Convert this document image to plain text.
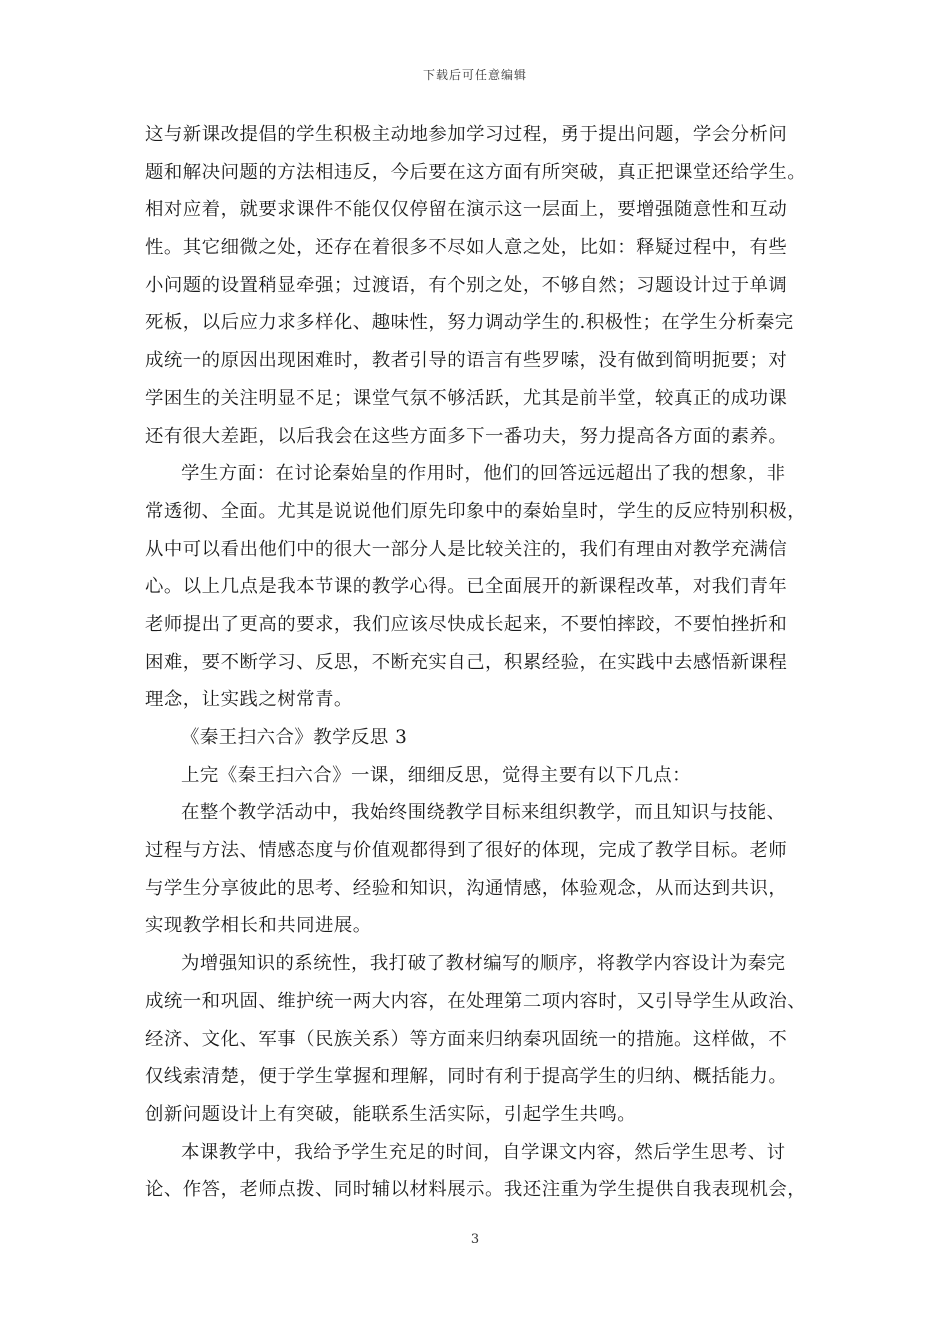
下载后可任意编辑
这与新课改提倡的学生积极主动地参加学习过程，勇于提出问题，学会分析问
题和解决问题的方法相违反，今后要在这方面有所突破，真正把课堂还给学生。
相对应着，就要求课件不能仅仅停留在演示这一层面上，要增强随意性和互动
性。其它细微之处，还存在着很多不尽如人意之处，比如：释疑过程中，有些
小问题的设置稍显牵强；过渡语，有个别之处，不够自然；习题设计过于单调
死板，以后应力求多样化、趣味性，努力调动学生的.积极性；在学生分析秦完
成统一的原因出现困难时，教者引导的语言有些罗嗦，没有做到简明扼要；对
学困生的关注明显不足；课堂气氛不够活跃，尤其是前半堂，较真正的成功课
还有很大差距，以后我会在这些方面多下一番功夫，努力提高各方面的素养。
学生方面：在讨论秦始皇的作用时，他们的回答远远超出了我的想象，非
常透彻、全面。尤其是说说他们原先印象中的秦始皇时，学生的反应特别积极，
从中可以看出他们中的很大一部分人是比较关注的，我们有理由对教学充满信
心。以上几点是我本节课的教学心得。已全面展开的新课程改革，对我们青年
老师提出了更高的要求，我们应该尽快成长起来，不要怕摔跤，不要怕挫折和
困难，要不断学习、反思，不断充实自己，积累经验，在实践中去感悟新课程
理念，让实践之树常青。
《秦王扫六合》教学反思 3
上完《秦王扫六合》一课，细细反思，觉得主要有以下几点：
在整个教学活动中，我始终围绕教学目标来组织教学，而且知识与技能、
过程与方法、情感态度与价值观都得到了很好的体现，完成了教学目标。老师
与学生分享彼此的思考、经验和知识，沟通情感，体验观念，从而达到共识，
实现教学相长和共同进展。
为增强知识的系统性，我打破了教材编写的顺序，将教学内容设计为秦完
成统一和巩固、维护统一两大内容，在处理第二项内容时，又引导学生从政治、
经济、文化、军事（民族关系）等方面来归纳秦巩固统一的措施。这样做，不
仅线索清楚，便于学生掌握和理解，同时有利于提高学生的归纳、概括能力。
创新问题设计上有突破，能联系生活实际，引起学生共鸣。
本课教学中，我给予学生充足的时间，自学课文内容，然后学生思考、讨
论、作答，老师点拨、同时辅以材料展示。我还注重为学生提供自我表现机会，
3
